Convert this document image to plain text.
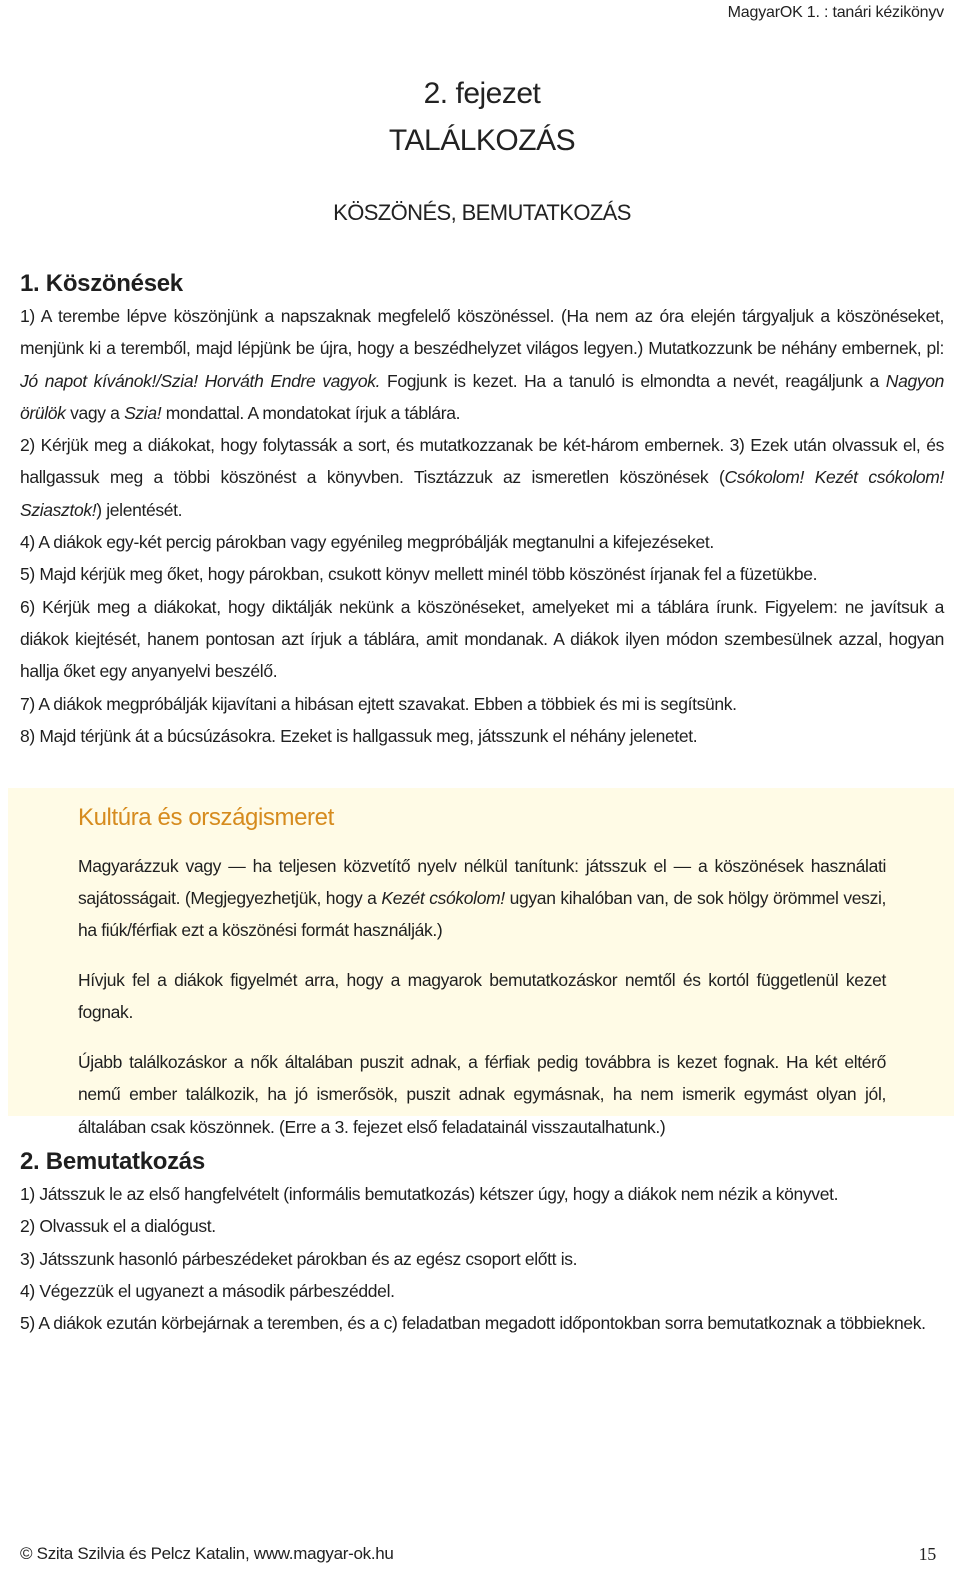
MagyarOK 1. : tanári kézikönyv
2. fejezet
TALÁLKOZÁS
KÖSZÖNÉS, BEMUTATKOZÁS
1. Köszönések

1) A terembe lépve köszönjünk a napszaknak megfelelő köszönéssel. (Ha nem az óra elején tárgyaljuk a köszönéseket, menjünk ki a teremből, majd lépjünk be újra, hogy a beszédhelyzet világos legyen.) Mutatkozzunk be néhány embernek, pl: Jó napot kívánok!/Szia! Horváth Endre vagyok. Fogjunk is kezet. Ha a tanuló is elmondta a nevét, reagáljunk a Nagyon örülök vagy a Szia! mondattal. A mondatokat írjuk a táblára.

2) Kérjük meg a diákokat, hogy folytassák a sort, és mutatkozzanak be két-három embernek. 3) Ezek után olvassuk el, és hallgassuk meg a többi köszönést a könyvben. Tisztázzuk az ismeretlen köszönések (Csókolom! Kezét csókolom! Sziasztok!) jelentését.

4) A diákok egy-két percig párokban vagy egyénileg megpróbálják megtanulni a kifejezéseket.

5) Majd kérjük meg őket, hogy párokban, csukott könyv mellett minél több köszönést írjanak fel a füzetükbe.

6) Kérjük meg a diákokat, hogy diktálják nekünk a köszönéseket, amelyeket mi a táblára írunk. Figyelem: ne javítsuk a diákok kiejtését, hanem pontosan azt írjuk a táblára, amit mondanak. A diákok ilyen módon szembesülnek azzal, hogyan hallja őket egy anyanyelvi beszélő.

7) A diákok megpróbálják kijavítani a hibásan ejtett szavakat. Ebben a többiek és mi is segítsünk.

8) Majd térjünk át a búcsúzásokra. Ezeket is hallgassuk meg, játsszunk el néhány jelenetet.

Kultúra és országismeret

Magyarázzuk vagy — ha teljesen közvetítő nyelv nélkül tanítunk: játsszuk el — a köszönések használati sajátosságait. (Megjegyezhetjük, hogy a Kezét csókolom! ugyan kihalóban van, de sok hölgy örömmel veszi, ha fiúk/férfiak ezt a köszönési formát használják.)

Hívjuk fel a diákok figyelmét arra, hogy a magyarok bemutatkozáskor nemtől és kortól függetlenül kezet fognak.

Újabb találkozáskor a nők általában puszit adnak, a férfiak pedig továbbra is kezet fognak. Ha két eltérő nemű ember találkozik, ha jó ismerősök, puszit adnak egymásnak, ha nem ismerik egymást olyan jól, általában csak köszönnek. (Erre a 3. fejezet első feladatainál visszautalhatunk.)

2. Bemutatkozás

1) Játsszuk le az első hangfelvételt (informális bemutatkozás) kétszer úgy, hogy a diákok nem nézik a könyvet.

2) Olvassuk el a dialógust.

3) Játsszunk hasonló párbeszédeket párokban és az egész csoport előtt is.

4) Végezzük el ugyanezt a második párbeszéddel.

5) A diákok ezután körbejárnak a teremben, és a c) feladatban megadott időpontokban sorra bemutatkoznak a többieknek.

© Szita Szilvia és Pelcz Katalin, www.magyar-ok.hu	15
